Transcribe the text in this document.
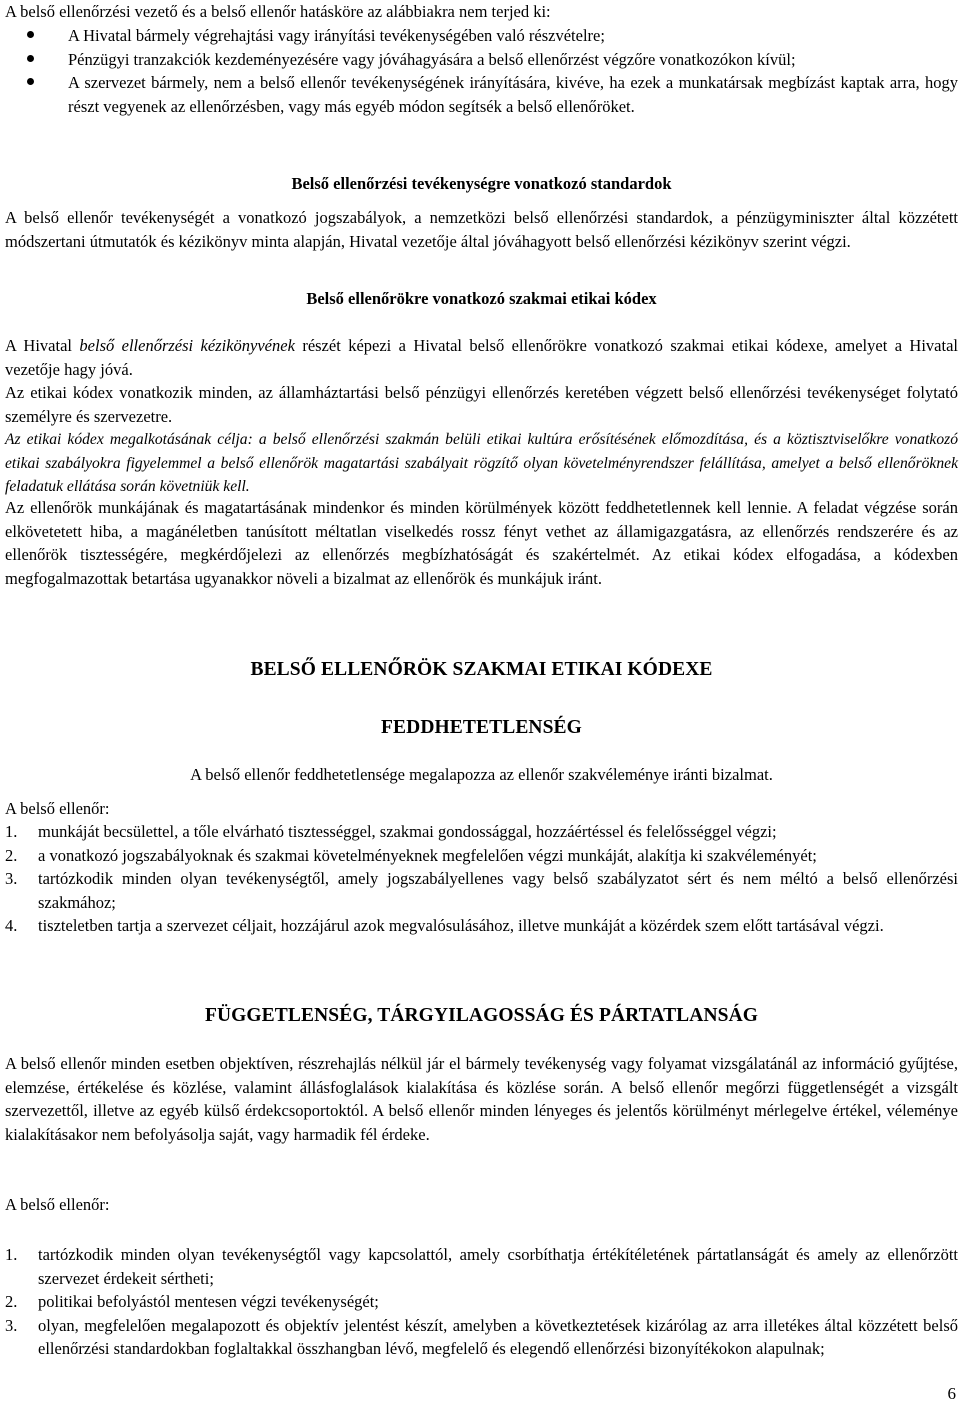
A belső ellenőrzési vezető és a belső ellenőr hatásköre az alábbiakra nem terjed ki:

A Hivatal bármely végrehajtási vagy irányítási tevékenységében való részvételre;
Pénzügyi tranzakciók kezdeményezésére vagy jóváhagyására a belső ellenőrzést végzőre vonatkozókon kívül;
A szervezet bármely, nem a belső ellenőr tevékenységének irányítására, kivéve, ha ezek a munkatársak megbízást kaptak arra, hogy részt vegyenek az ellenőrzésben, vagy más egyéb módon segítsék a belső ellenőröket.
Belső ellenőrzési tevékenységre vonatkozó standardok

A belső ellenőr tevékenységét a vonatkozó jogszabályok, a nemzetközi belső ellenőrzési standardok, a pénzügyminiszter által közzétett módszertani útmutatók és kézikönyv minta alapján, Hivatal vezetője által jóváhagyott belső ellenőrzési kézikönyv szerint végzi.

Belső ellenőrökre vonatkozó szakmai etikai kódex

A Hivatal belső ellenőrzési kézikönyvének részét képezi a Hivatal belső ellenőrökre vonatkozó szakmai etikai kódexe, amelyet a Hivatal vezetője hagy jóvá.

Az etikai kódex vonatkozik minden, az államháztartási belső pénzügyi ellenőrzés keretében végzett belső ellenőrzési tevékenységet folytató személyre és szervezetre.

Az etikai kódex megalkotásának célja: a belső ellenőrzési szakmán belüli etikai kultúra erősítésének előmozdítása, és a köztisztviselőkre vonatkozó etikai szabályokra figyelemmel a belső ellenőrök magatartási szabályait rögzítő olyan követelményrendszer felállítása, amelyet a belső ellenőröknek feladatuk ellátása során követniük kell.

Az ellenőrök munkájának és magatartásának mindenkor és minden körülmények között feddhetetlennek kell lennie. A feladat végzése során elkövetetett hiba, a magánéletben tanúsított méltatlan viselkedés rossz fényt vethet az államigazgatásra, az ellenőrzés rendszerére és az ellenőrök tisztességére, megkérdőjelezi az ellenőrzés megbízhatóságát és szakértelmét. Az etikai kódex elfogadása, a kódexben megfogalmazottak betartása ugyanakkor növeli a bizalmat az ellenőrök és munkájuk iránt.

BELSŐ ELLENŐRÖK SZAKMAI ETIKAI KÓDEXE
FEDDHETETLENSÉG

A belső ellenőr feddhetetlensége megalapozza az ellenőr szakvéleménye iránti bizalmat.

A belső ellenőr:

1. munkáját becsülettel, a tőle elvárható tisztességgel, szakmai gondossággal, hozzáértéssel és felelősséggel végzi;
2. a vonatkozó jogszabályoknak és szakmai követelményeknek megfelelően végzi munkáját, alakítja ki szakvéleményét;
3. tartózkodik minden olyan tevékenységtől, amely jogszabályellenes vagy belső szabályzatot sért és nem méltó a belső ellenőrzési szakmához;
4. tiszteletben tartja a szervezet céljait, hozzájárul azok megvalósulásához, illetve munkáját a közérdek szem előtt tartásával végzi.
FÜGGETLENSÉG, TÁRGYILAGOSSÁG ÉS PÁRTATLANSÁG

A belső ellenőr minden esetben objektíven, részrehajlás nélkül jár el bármely tevékenység vagy folyamat vizsgálatánál az információ gyűjtése, elemzése, értékelése és közlése, valamint állásfoglalások kialakítása és közlése során. A belső ellenőr megőrzi függetlenségét a vizsgált szervezettől, illetve az egyéb külső érdekcsoportoktól. A belső ellenőr minden lényeges és jelentős körülményt mérlegelve értékel, véleménye kialakításakor nem befolyásolja saját, vagy harmadik fél érdeke.

A belső ellenőr:

1. tartózkodik minden olyan tevékenységtől vagy kapcsolattól, amely csorbíthatja értékítéletének pártatlanságát és amely az ellenőrzött szervezet érdekeit sértheti;
2. politikai befolyástól mentesen végzi tevékenységét;
3. olyan, megfelelően megalapozott és objektív jelentést készít, amelyben a következtetések kizárólag az arra illetékes által közzétett belső ellenőrzési standardokban foglaltakkal összhangban lévő, megfelelő és elegendő ellenőrzési bizonyítékokon alapulnak;
6
